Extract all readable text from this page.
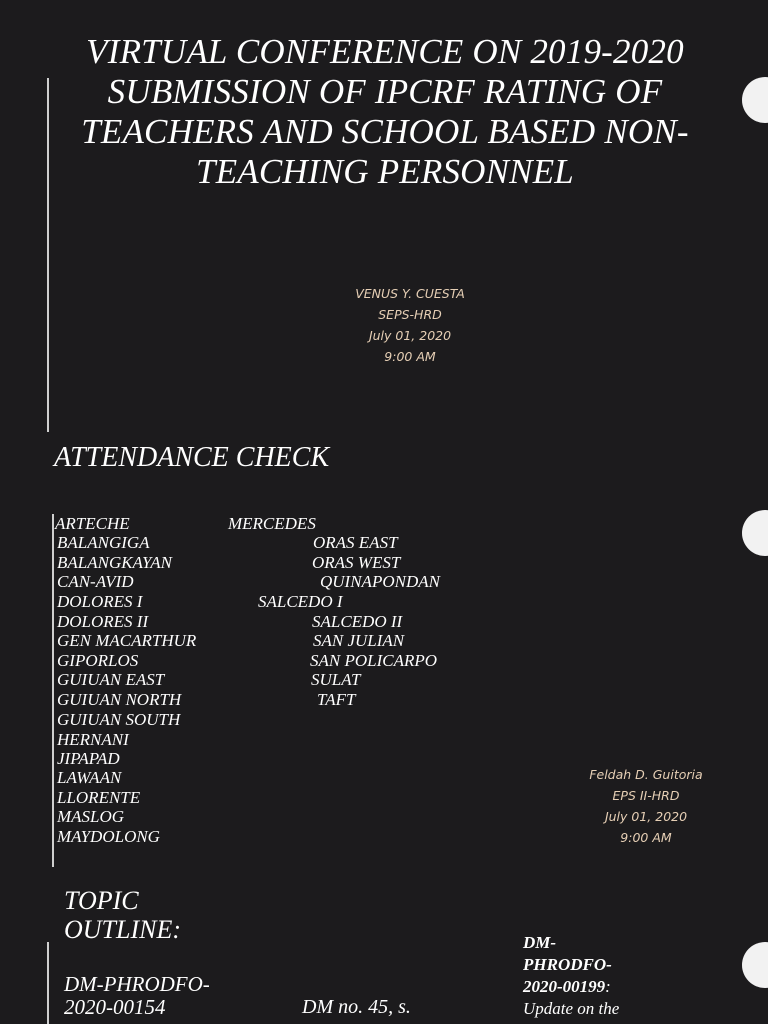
VIRTUAL CONFERENCE ON 2019-2020 SUBMISSION OF IPCRF RATING OF TEACHERS AND SCHOOL BASED NON-TEACHING PERSONNEL
VENUS Y. CUESTA
SEPS-HRD
July 01, 2020
9:00 AM
ATTENDANCE CHECK
ARTECHE
BALANGIGA
BALANGKAYAN
CAN-AVID
DOLORES I
DOLORES II
GEN MACARTHUR
GIPORLOS
GUIUAN EAST
GUIUAN NORTH
GUIUAN SOUTH
HERNANI
JIPAPAD
LAWAAN
LLORENTE
MASLOG
MAYDOLONG
MERCEDES
ORAS EAST
ORAS WEST
QUINAPONDAN
SALCEDO I
SALCEDO II
SAN JULIAN
SAN POLICARPO
SULAT
TAFT
Feldah D. Guitoria
EPS II-HRD
July 01, 2020
9:00 AM
TOPIC
OUTLINE:
DM-PHRODFO-
2020-00154	DM no. 45, s.
DM-
PHRODFO-
2020-00199:
Update on the
